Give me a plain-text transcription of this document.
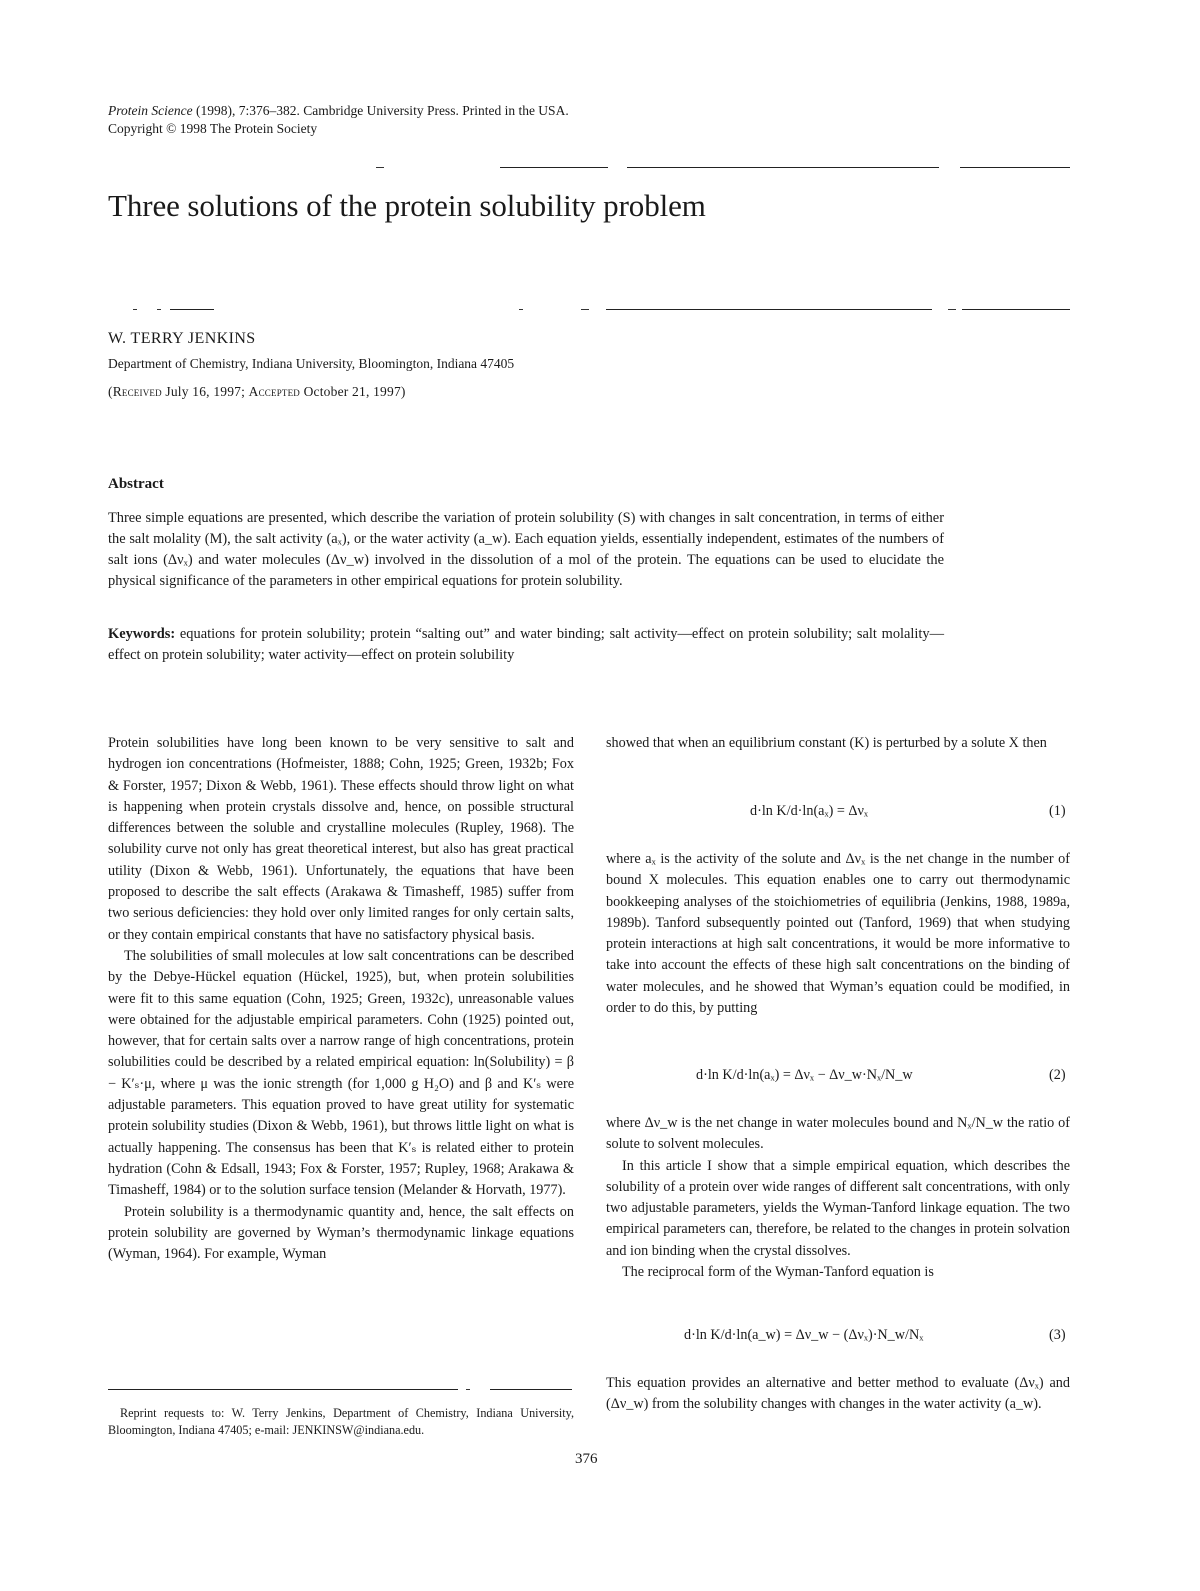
Protein Science (1998), 7:376–382. Cambridge University Press. Printed in the USA.
Copyright © 1998 The Protein Society
Three solutions of the protein solubility problem
W. TERRY JENKINS
Department of Chemistry, Indiana University, Bloomington, Indiana 47405
(Received July 16, 1997; Accepted October 21, 1997)
Abstract
Three simple equations are presented, which describe the variation of protein solubility (S) with changes in salt concentration, in terms of either the salt molality (M), the salt activity (aₓ), or the water activity (a_w). Each equation yields, essentially independent, estimates of the numbers of salt ions (Δνₓ) and water molecules (Δν_w) involved in the dissolution of a mol of the protein. The equations can be used to elucidate the physical significance of the parameters in other empirical equations for protein solubility.
Keywords: equations for protein solubility; protein “salting out” and water binding; salt activity—effect on protein solubility; salt molality—effect on protein solubility; water activity—effect on protein solubility

Protein solubilities have long been known to be very sensitive to salt and hydrogen ion concentrations (Hofmeister, 1888; Cohn, 1925; Green, 1932b; Fox & Forster, 1957; Dixon & Webb, 1961). These effects should throw light on what is happening when protein crystals dissolve and, hence, on possible structural differences between the soluble and crystalline molecules (Rupley, 1968). The solubility curve not only has great theoretical interest, but also has great practical utility (Dixon & Webb, 1961). Unfortunately, the equations that have been proposed to describe the salt effects (Arakawa & Timasheff, 1985) suffer from two serious deficiencies: they hold over only limited ranges for only certain salts, or they contain empirical constants that have no satisfactory physical basis.

The solubilities of small molecules at low salt concentrations can be described by the Debye-Hückel equation (Hückel, 1925), but, when protein solubilities were fit to this same equation (Cohn, 1925; Green, 1932c), unreasonable values were obtained for the adjustable empirical parameters. Cohn (1925) pointed out, however, that for certain salts over a narrow range of high concentrations, protein solubilities could be described by a related empirical equation: ln(Solubility) = β − K′ₛ·μ, where μ was the ionic strength (for 1,000 g H₂O) and β and K′ₛ were adjustable parameters. This equation proved to have great utility for systematic protein solubility studies (Dixon & Webb, 1961), but throws little light on what is actually happening. The consensus has been that K′ₛ is related either to protein hydration (Cohn & Edsall, 1943; Fox & Forster, 1957; Rupley, 1968; Arakawa & Timasheff, 1984) or to the solution surface tension (Melander & Horvath, 1977).

Protein solubility is a thermodynamic quantity and, hence, the salt effects on protein solubility are governed by Wyman’s thermodynamic linkage equations (Wyman, 1964). For example, Wyman

Reprint requests to: W. Terry Jenkins, Department of Chemistry, Indiana University, Bloomington, Indiana 47405; e-mail: JENKINSW@indiana.edu.

showed that when an equilibrium constant (K) is perturbed by a solute X then

d·ln K/d·ln(aₓ) = Δνₓ	(1)

where aₓ is the activity of the solute and Δνₓ is the net change in the number of bound X molecules. This equation enables one to carry out thermodynamic bookkeeping analyses of the stoichiometries of equilibria (Jenkins, 1988, 1989a, 1989b). Tanford subsequently pointed out (Tanford, 1969) that when studying protein interactions at high salt concentrations, it would be more informative to take into account the effects of these high salt concentrations on the binding of water molecules, and he showed that Wyman’s equation could be modified, in order to do this, by putting

d·ln K/d·ln(aₓ) = Δνₓ − Δν_w·Nₓ/N_w	(2)

where Δν_w is the net change in water molecules bound and Nₓ/N_w the ratio of solute to solvent molecules.

In this article I show that a simple empirical equation, which describes the solubility of a protein over wide ranges of different salt concentrations, with only two adjustable parameters, yields the Wyman-Tanford linkage equation. The two empirical parameters can, therefore, be related to the changes in protein solvation and ion binding when the crystal dissolves.

The reciprocal form of the Wyman-Tanford equation is

d·ln K/d·ln(a_w) = Δν_w − (Δνₓ)·N_w/Nₓ	(3)

This equation provides an alternative and better method to evaluate (Δνₓ) and (Δν_w) from the solubility changes with changes in the water activity (a_w).

376
